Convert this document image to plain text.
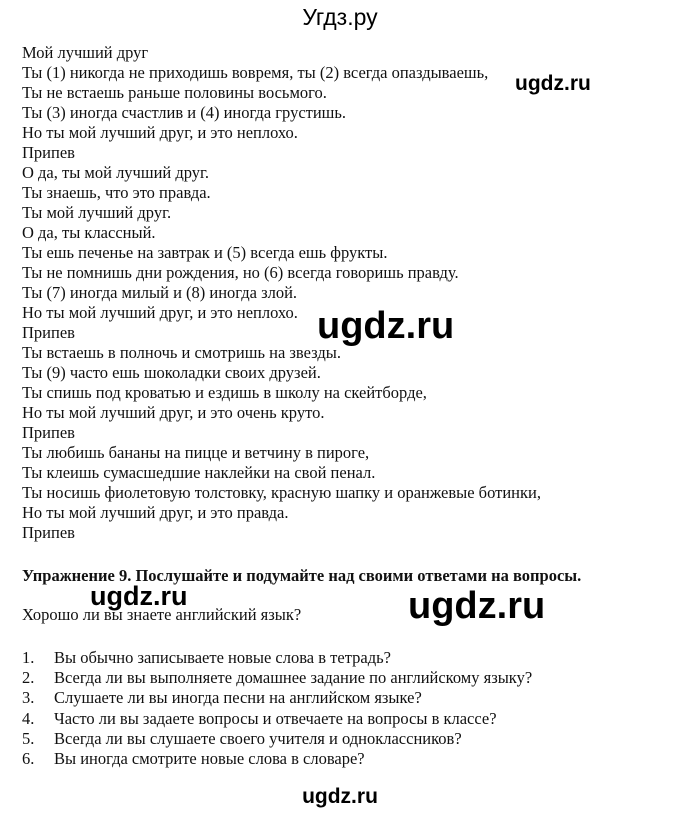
Угдз.ру
Мой лучший друг
Ты (1) никогда не приходишь вовремя, ты (2) всегда опаздываешь,
Ты не встаешь раньше половины восьмого.
Ты (3) иногда счастлив и (4) иногда грустишь.
Но ты мой лучший друг, и это неплохо.
Припев
О да, ты мой лучший друг.
Ты знаешь, что это правда.
Ты мой лучший друг.
О да, ты классный.
Ты ешь печенье на завтрак и (5) всегда ешь фрукты.
Ты не помнишь дни рождения, но (6) всегда говоришь правду.
Ты (7) иногда милый и (8) иногда злой.
Но ты мой лучший друг, и это неплохо.
Припев
Ты встаешь в полночь и смотришь на звезды.
Ты (9) часто ешь шоколадки своих друзей.
Ты спишь под кроватью и ездишь в школу на скейтборде,
Но ты мой лучший друг, и это очень круто.
Припев
Ты любишь бананы на пицце и ветчину в пироге,
Ты клеишь сумасшедшие наклейки на свой пенал.
Ты носишь фиолетовую толстовку, красную шапку и оранжевые ботинки,
Но ты мой лучший друг, и это правда.
Припев
Упражнение 9. Послушайте и подумайте над своими ответами на вопросы.
Хорошо ли вы знаете английский язык?
1. Вы обычно записываете новые слова в тетрадь?
2. Всегда ли вы выполняете домашнее задание по английскому языку?
3. Слушаете ли вы иногда песни на английском языке?
4. Часто ли вы задаете вопросы и отвечаете на вопросы в классе?
5. Всегда ли вы слушаете своего учителя и одноклассников?
6. Вы иногда смотрите новые слова в словаре?
ugdz.ru
ugdz.ru
ugdz.ru	ugdz.ru
ugdz.ru
